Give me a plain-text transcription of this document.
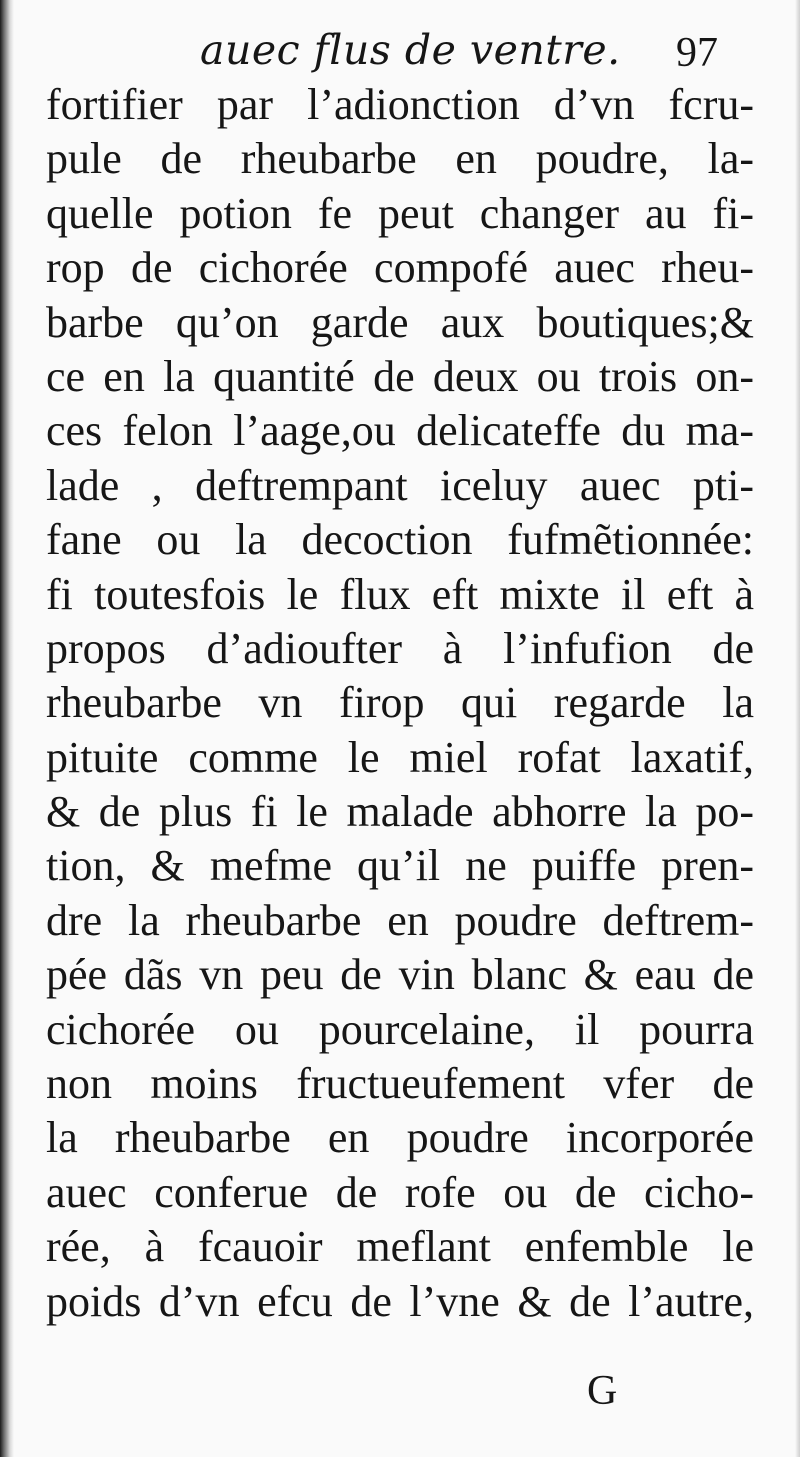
auec flus de ventre. 97
fortifier par l’adionction d’vn fcru-
pule de rheubarbe en poudre, la-
quelle potion fe peut changer au fi-
rop de cichorée compofé auec rheu-
barbe qu’on garde aux boutiques;&
ce en la quantité de deux ou trois on-
ces felon l’aage,ou delicateffe du ma-
lade , deftrempant iceluy auec pti-
fane ou la decoction fufmẽtionnée:
fi toutesfois le flux eft mixte il eft à
propos d’adioufter à l’infufion de
rheubarbe vn firop qui regarde la
pituite comme le miel rofat laxatif,
& de plus fi le malade abhorre la po-
tion, & mefme qu’il ne puiffe pren-
dre la rheubarbe en poudre deftrem-
pée dãs vn peu de vin blanc & eau de
cichorée ou pourcelaine, il pourra
non moins fructueufement vfer de
la rheubarbe en poudre incorporée
auec conferue de rofe ou de cicho-
rée, à fcauoir meflant enfemble le
poids d’vn efcu de l’vne & de l’autre,
G
